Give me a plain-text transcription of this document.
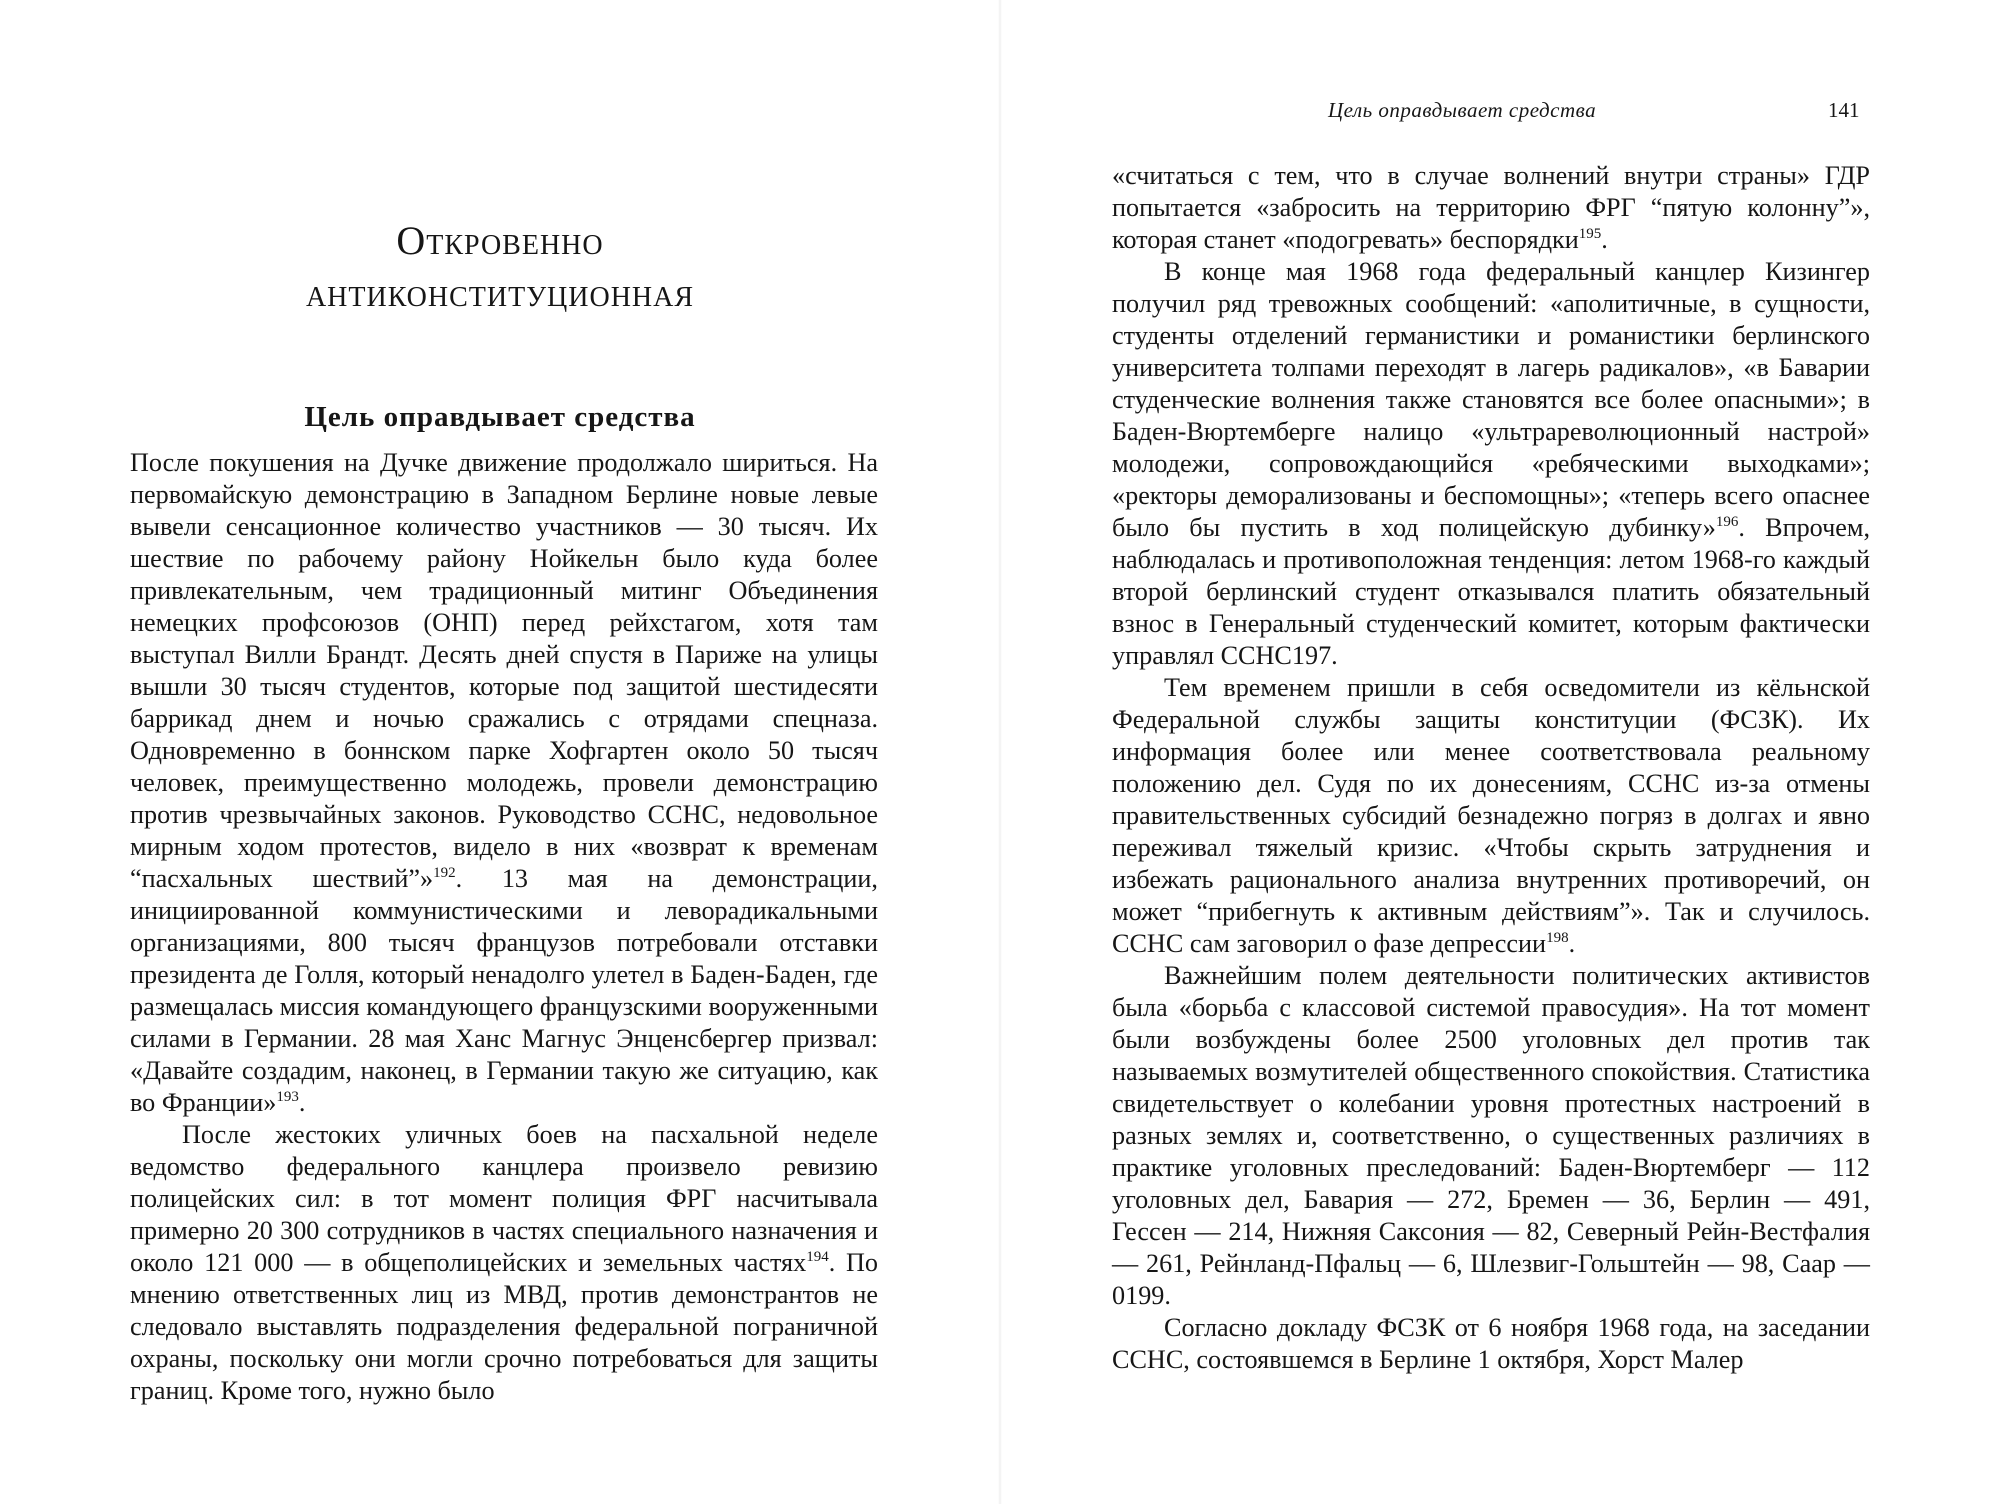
Откровенно
антиконституционная
Цель оправдывает средства

После покушения на Дучке движение продолжало шириться. На первомайскую демонстрацию в Западном Берлине новые левые вывели сенсационное количество участников — 30 тысяч. Их шествие по рабочему району Нойкельн было куда более привлекательным, чем традиционный митинг Объединения немецких профсоюзов (ОНП) перед рейхстагом, хотя там выступал Вилли Брандт. Десять дней спустя в Париже на улицы вышли 30 тысяч студентов, которые под защитой шестидесяти баррикад днем и ночью сражались с отрядами спецназа. Одновременно в боннском парке Хофгартен около 50 тысяч человек, преимущественно молодежь, провели демонстрацию против чрезвычайных законов. Руководство ССНС, недовольное мирным ходом протестов, видело в них «возврат к временам “пасхальных шествий”»$^{192}$. 13 мая на демонстрации, инициированной коммунистическими и леворадикальными организациями, 800 тысяч французов потребовали отставки президента де Голля, который ненадолго улетел в Баден-Баден, где размещалась миссия командующего французскими вооруженными силами в Германии. 28 мая Ханс Магнус Энценсбергер призвал: «Давайте создадим, наконец, в Германии такую же ситуацию, как во Франции»$^{193}$.

После жестоких уличных боев на пасхальной неделе ведомство федерального канцлера произвело ревизию полицейских сил: в тот момент полиция ФРГ насчитывала примерно 20 300 сотрудников в частях специального назначения и около 121 000 — в общеполицейских и земельных частях$^{194}$. По мнению ответственных лиц из МВД, против демонстрантов не следовало выставлять подразделения федеральной пограничной охраны, поскольку они могли срочно потребоваться для защиты границ. Кроме того, нужно было

Цель оправдывает средства	141

«считаться с тем, что в случае волнений внутри страны» ГДР попытается «забросить на территорию ФРГ “пятую колонну”», которая станет «подогревать» беспорядки$^{195}$.

В конце мая 1968 года федеральный канцлер Кизингер получил ряд тревожных сообщений: «аполитичные, в сущности, студенты отделений германистики и романистики берлинского университета толпами переходят в лагерь радикалов», «в Баварии студенческие волнения также становятся все более опасными»; в Баден-Вюртемберге налицо «ультрареволюционный настрой» молодежи, сопровождающийся «ребяческими выходками»; «ректоры деморализованы и беспомощны»; «теперь всего опаснее было бы пустить в ход полицейскую дубинку»$^{196}$. Впрочем, наблюдалась и противоположная тенденция: летом 1968-го каждый второй берлинский студент отказывался платить обязательный взнос в Генеральный студенческий комитет, которым фактически управлял ССНС197.

Тем временем пришли в себя осведомители из кёльнской Федеральной службы защиты конституции (ФСЗК). Их информация более или менее соответствовала реальному положению дел. Судя по их донесениям, ССНС из-за отмены правительственных субсидий безнадежно погряз в долгах и явно переживал тяжелый кризис. «Чтобы скрыть затруднения и избежать рационального анализа внутренних противоречий, он может “прибегнуть к активным действиям”». Так и случилось. ССНС сам заговорил о фазе депрессии$^{198}$.

Важнейшим полем деятельности политических активистов была «борьба с классовой системой правосудия». На тот момент были возбуждены более 2500 уголовных дел против так называемых возмутителей общественного спокойствия. Статистика свидетельствует о колебании уровня протестных настроений в разных землях и, соответственно, о существенных различиях в практике уголовных преследований: Баден-Вюртемберг — 112 уголовных дел, Бавария — 272, Бремен — 36, Берлин — 491, Гессен — 214, Нижняя Саксония — 82, Северный Рейн-Вестфалия — 261, Рейнланд-Пфальц — 6, Шлезвиг-Гольштейн — 98, Саар — 0199.

Согласно докладу ФСЗК от 6 ноября 1968 года, на заседании ССНС, состоявшемся в Берлине 1 октября, Хорст Малер
